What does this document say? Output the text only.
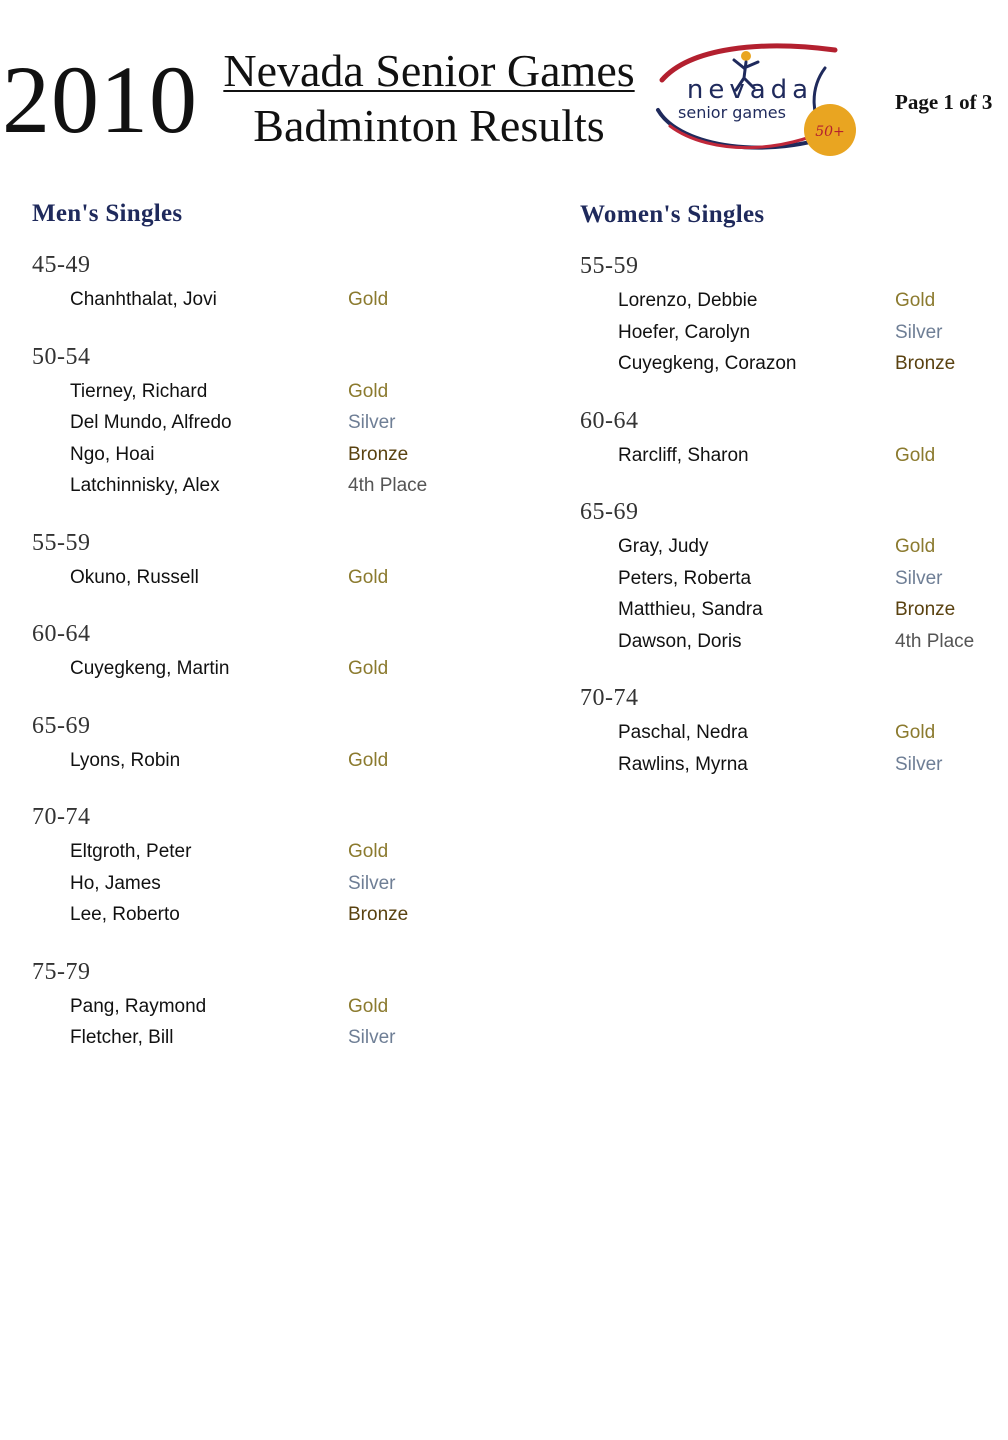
2010 Nevada Senior Games
Badminton Results
nevada
senior games
50+
Page 1 of 3
Men's Singles
45-49
Chanhthalat, Jovi	Gold
50-54
Tierney, Richard	Gold
Del Mundo, Alfredo	Silver
Ngo, Hoai	Bronze
Latchinnisky, Alex	4th Place
55-59
Okuno, Russell	Gold
60-64
Cuyegkeng, Martin	Gold
65-69
Lyons, Robin	Gold
70-74
Eltgroth, Peter	Gold
Ho, James	Silver
Lee, Roberto	Bronze
75-79
Pang, Raymond	Gold
Fletcher, Bill	Silver
Women's Singles
55-59
Lorenzo, Debbie	Gold
Hoefer, Carolyn	Silver
Cuyegkeng, Corazon	Bronze
60-64
Rarcliff, Sharon	Gold
65-69
Gray, Judy	Gold
Peters, Roberta	Silver
Matthieu, Sandra	Bronze
Dawson, Doris	4th Place
70-74
Paschal, Nedra	Gold
Rawlins, Myrna	Silver
